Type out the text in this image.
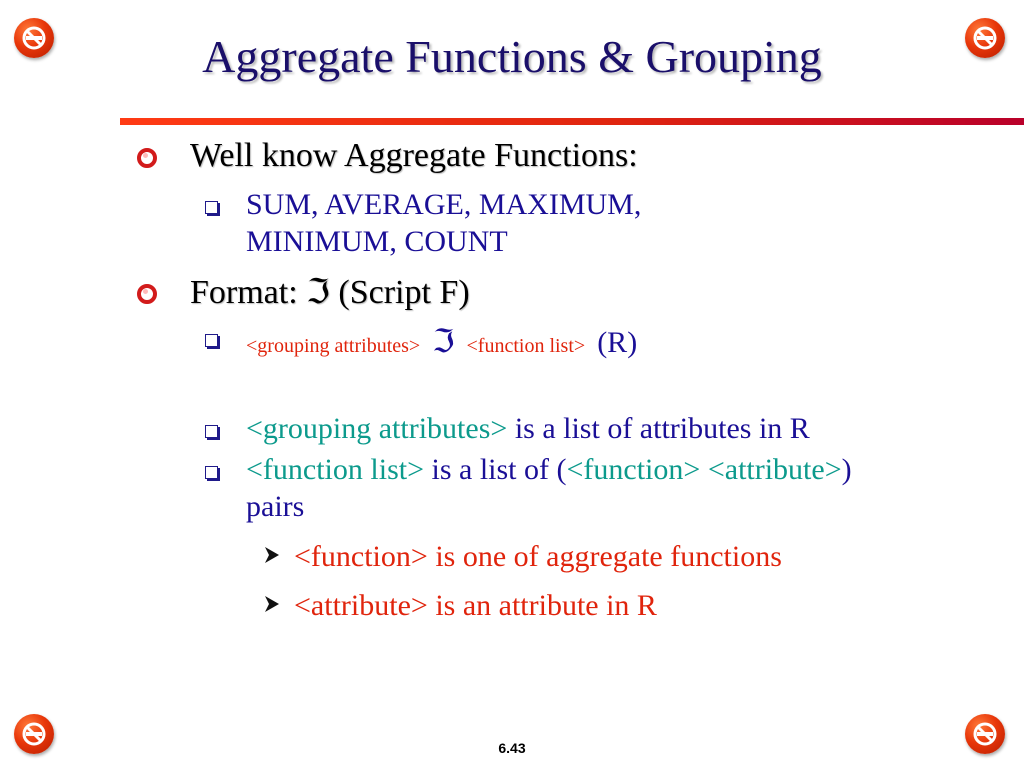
Aggregate Functions & Grouping
Well know Aggregate Functions:
SUM, AVERAGE, MAXIMUM,
MINIMUM, COUNT
Format: ℑ (Script F)
<grouping attributes> ℑ <function list> (R)
<grouping attributes> is a list of attributes in R
<function list> is a list of (<function> <attribute>)
pairs
<function> is one of aggregate functions
<attribute> is an attribute in R
6.43
